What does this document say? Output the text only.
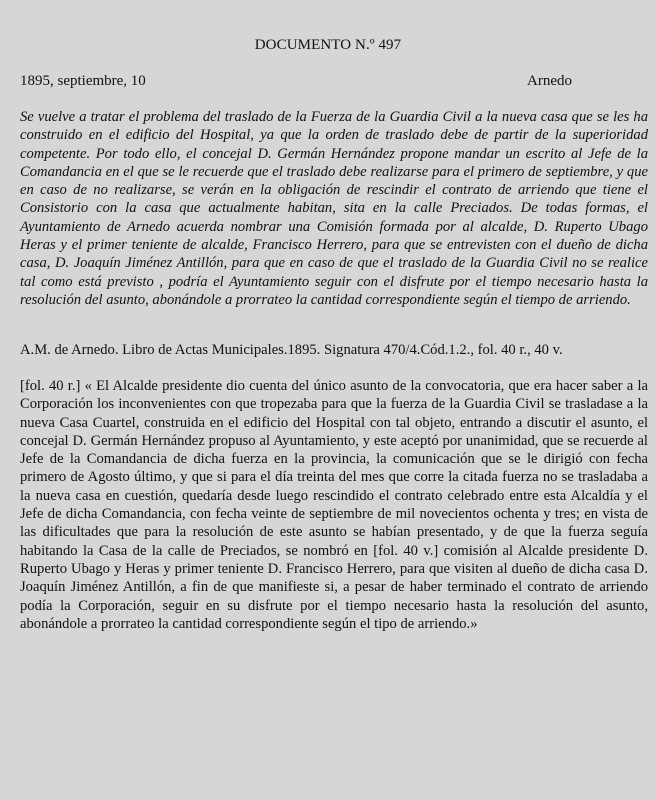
DOCUMENTO N.º 497
1895, septiembre, 10	Arnedo

Se vuelve a tratar el problema del traslado de la Fuerza de la Guardia Civil a la nueva casa que se les ha construido en el edificio del Hospital, ya que la orden de traslado debe de partir de la superioridad competente. Por todo ello, el concejal D. Germán Hernández propone mandar un escrito al Jefe de la Comandancia en el que se le recuerde que el traslado debe realizarse para el primero de septiembre, y que en caso de no realizarse, se verán en la obligación de rescindir el contrato de arriendo que tiene el Consistorio con la casa que actualmente habitan, sita en la calle Preciados. De todas formas, el Ayuntamiento de Arnedo acuerda nombrar una Comisión formada por al alcalde, D. Ruperto Ubago Heras y el primer teniente de alcalde, Francisco Herrero, para que se entrevisten con el dueño de dicha casa, D. Joaquín Jiménez Antillón, para que en caso de que el traslado de la Guardia Civil no se realice tal como está previsto , podría el Ayuntamiento seguir con el disfrute por el tiempo necesario hasta la resolución del asunto, abonándole a prorrateo la cantidad correspondiente según el tiempo de arriendo.

A.M. de Arnedo. Libro de Actas Municipales.1895. Signatura 470/4.Cód.1.2., fol. 40 r., 40 v.

[fol. 40 r.] « El Alcalde presidente dio cuenta del único asunto de la convocatoria, que era hacer saber a la Corporación los inconvenientes con que tropezaba para que la fuerza de la Guardia Civil se trasladase a la nueva Casa Cuartel, construida en el edificio del Hospital con tal objeto, entrando a discutir el asunto, el concejal D. Germán Hernández propuso al Ayuntamiento, y este aceptó por unanimidad, que se recuerde al Jefe de la Comandancia de dicha fuerza en la provincia, la comunicación que se le dirigió con fecha primero de Agosto último, y que si para el día treinta del mes que corre la citada fuerza no se trasladaba a la nueva casa en cuestión, quedaría desde luego rescindido el contrato celebrado entre esta Alcaldía y el Jefe de dicha Comandancia, con fecha veinte de septiembre de mil novecientos ochenta y tres; en vista de las dificultades que para la resolución de este asunto se habían presentado, y de que la fuerza seguía habitando la Casa de la calle de Preciados, se nombró en [fol. 40 v.] comisión al Alcalde presidente D. Ruperto Ubago y Heras y primer teniente D. Francisco Herrero, para que visiten al dueño de dicha casa D. Joaquín Jiménez Antillón, a fin de que manifieste si, a pesar de haber terminado el contrato de arriendo podía la Corporación, seguir en su disfrute por el tiempo necesario hasta la resolución del asunto, abonándole a prorrateo la cantidad correspondiente según el tipo de arriendo.»
